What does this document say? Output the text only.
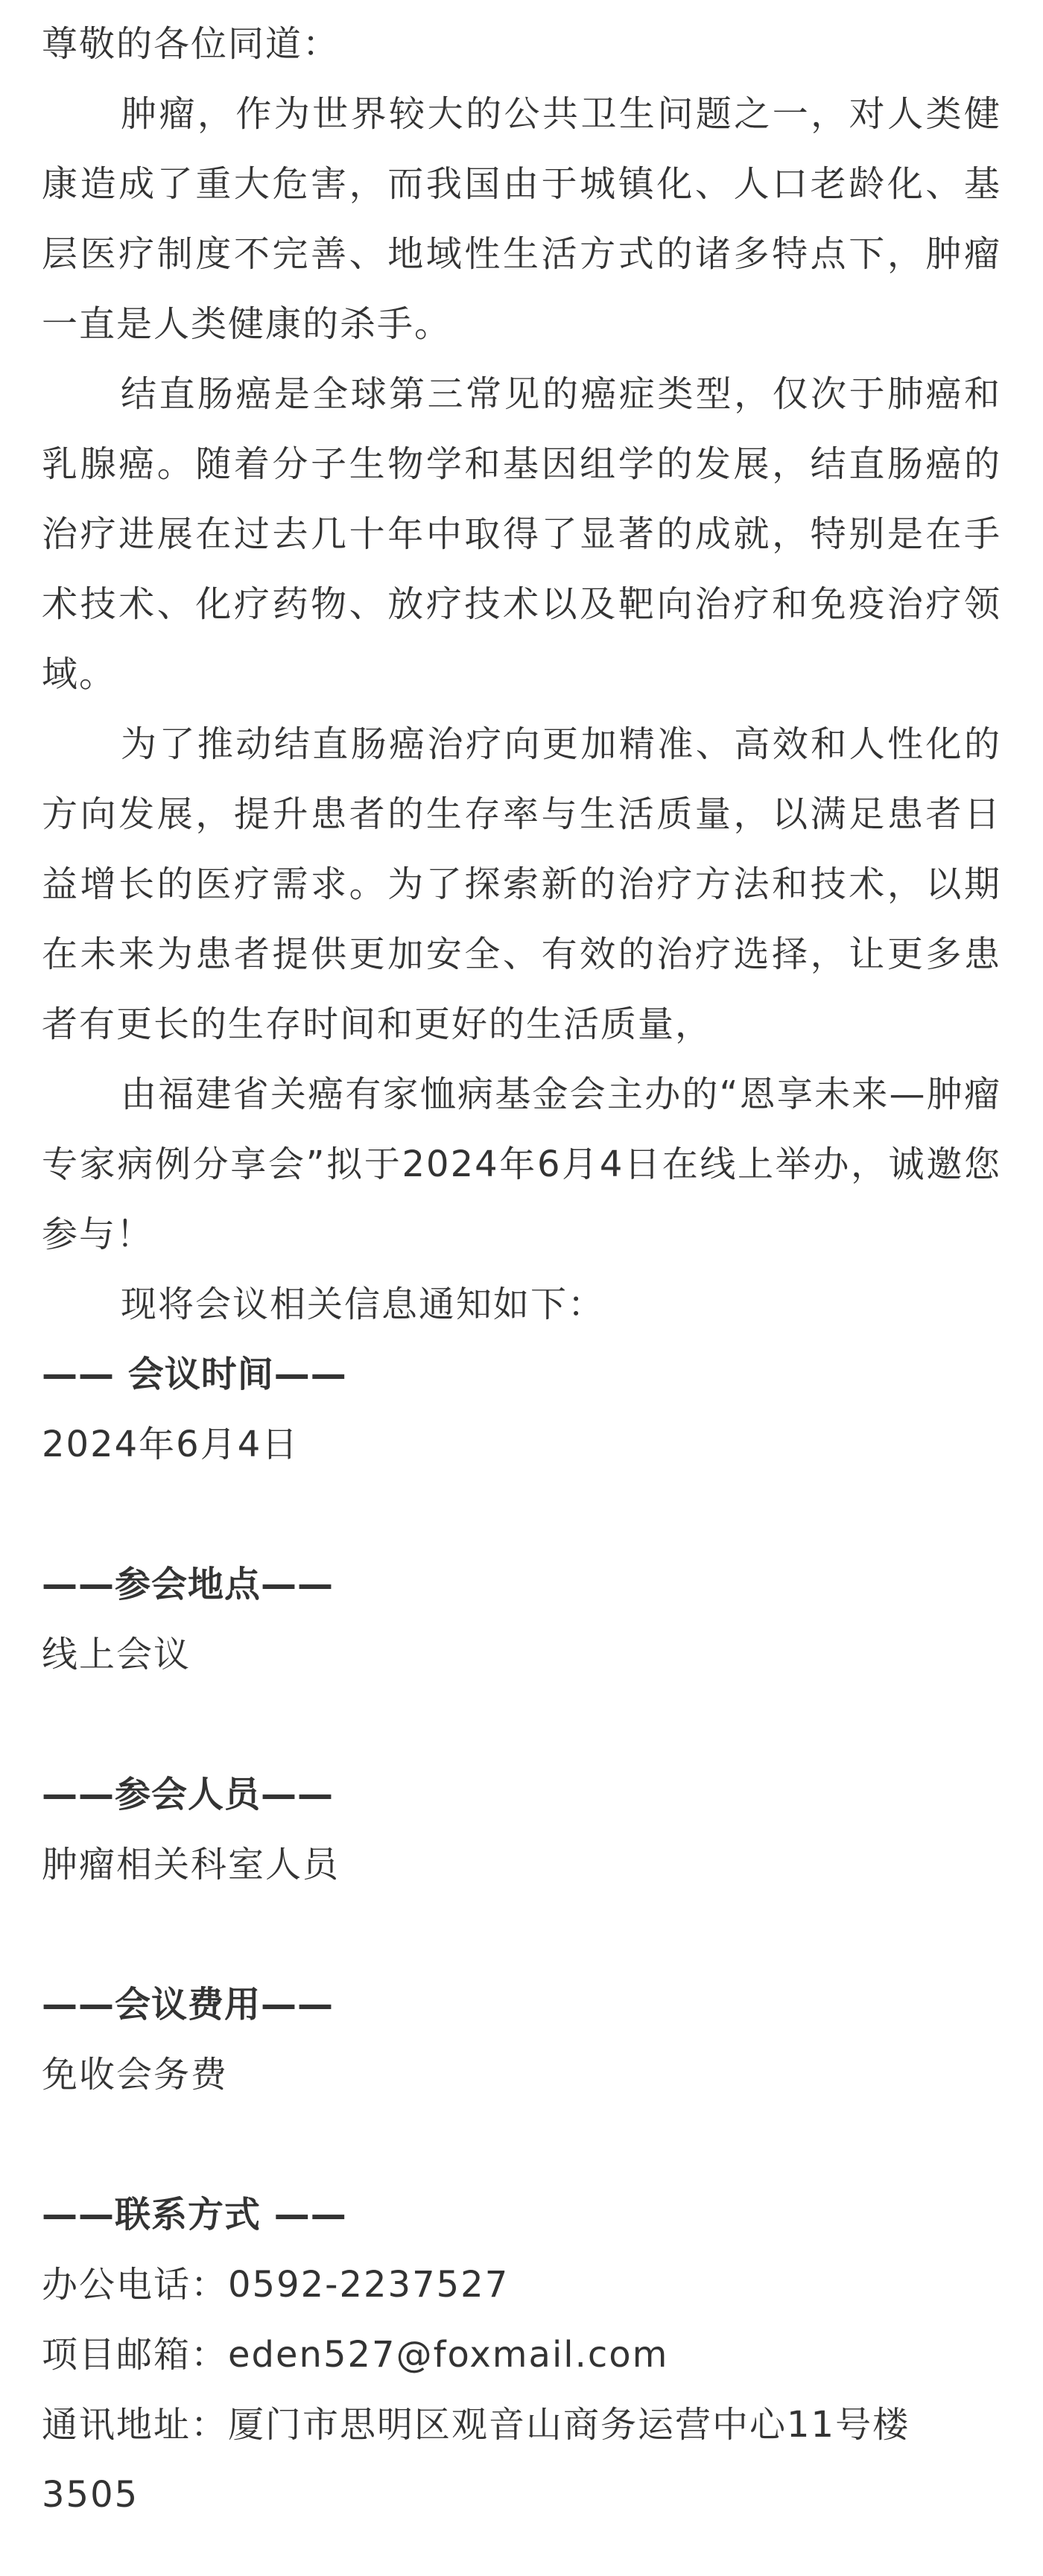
尊敬的各位同道：

肿瘤，作为世界较大的公共卫生问题之一，对人类健康造成了重大危害，而我国由于城镇化、人口老龄化、基层医疗制度不完善、地域性生活方式的诸多特点下，肿瘤一直是人类健康的杀手。

结直肠癌是全球第三常见的癌症类型，仅次于肺癌和乳腺癌。随着分子生物学和基因组学的发展，结直肠癌的治疗进展在过去几十年中取得了显著的成就，特别是在手术技术、化疗药物、放疗技术以及靶向治疗和免疫治疗领域。

为了推动结直肠癌治疗向更加精准、高效和人性化的方向发展，提升患者的生存率与生活质量，以满足患者日益增长的医疗需求。为了探索新的治疗方法和技术，以期在未来为患者提供更加安全、有效的治疗选择，让更多患者有更长的生存时间和更好的生活质量，

由福建省关癌有家恤病基金会主办的“恩享未来—肿瘤专家病例分享会”拟于2024年6月4日在线上举办，诚邀您参与！

现将会议相关信息通知如下：

—— 会议时间——

2024年6月4日

——参会地点——

线上会议

——参会人员——

肿瘤相关科室人员

——会议费用——

免收会务费

——联系方式 ——

办公电话：0592-2237527

项目邮箱：eden527@foxmail.com

通讯地址：厦门市思明区观音山商务运营中心11号楼3505
